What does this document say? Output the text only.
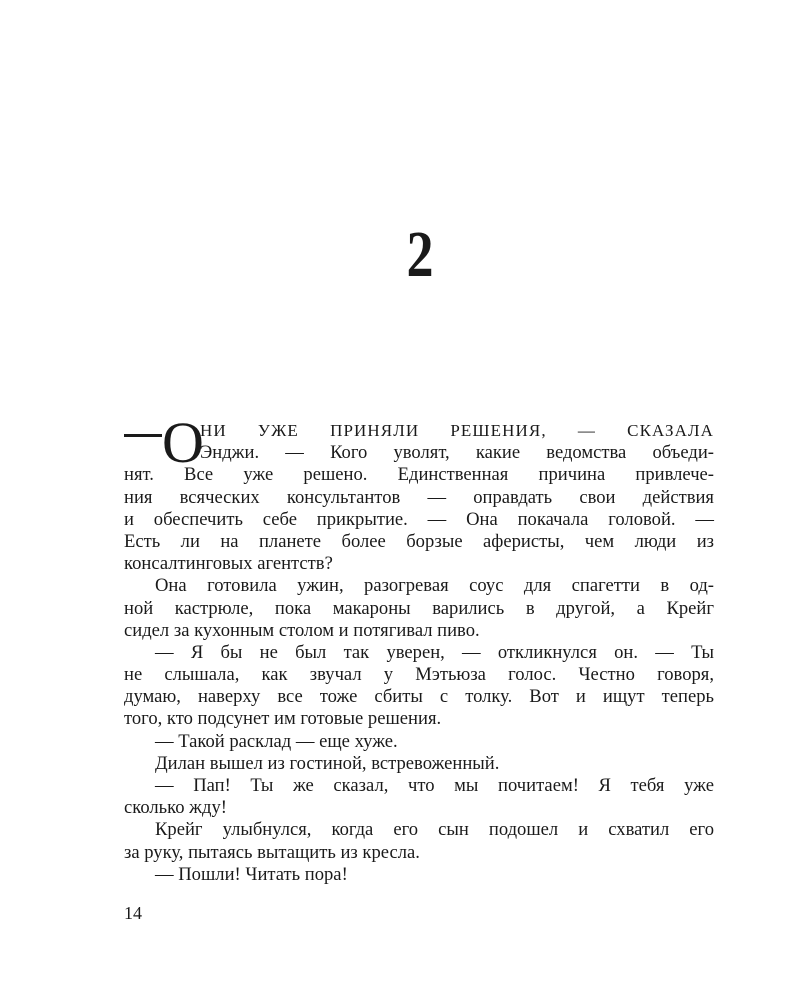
2
О
НИ УЖЕ ПРИНЯЛИ РЕШЕНИЯ, — СКАЗАЛА
Энджи. — Кого уволят, какие ведомства объеди-
нят. Все уже решено. Единственная причина привлече-
ния всяческих консультантов — оправдать свои действия
и обеспечить себе прикрытие. — Она покачала головой. —
Есть ли на планете более борзые аферисты, чем люди из
консалтинговых агентств?
Она готовила ужин, разогревая соус для спагетти в од-
ной кастрюле, пока макароны варились в другой, а Крейг
сидел за кухонным столом и потягивал пиво.
— Я бы не был так уверен, — откликнулся он. — Ты
не слышала, как звучал у Мэтьюза голос. Честно говоря,
думаю, наверху все тоже сбиты с толку. Вот и ищут теперь
того, кто подсунет им готовые решения.
— Такой расклад — еще хуже.
Дилан вышел из гостиной, встревоженный.
— Пап! Ты же сказал, что мы почитаем! Я тебя уже
сколько жду!
Крейг улыбнулся, когда его сын подошел и схватил его
за руку, пытаясь вытащить из кресла.
— Пошли! Читать пора!
14
